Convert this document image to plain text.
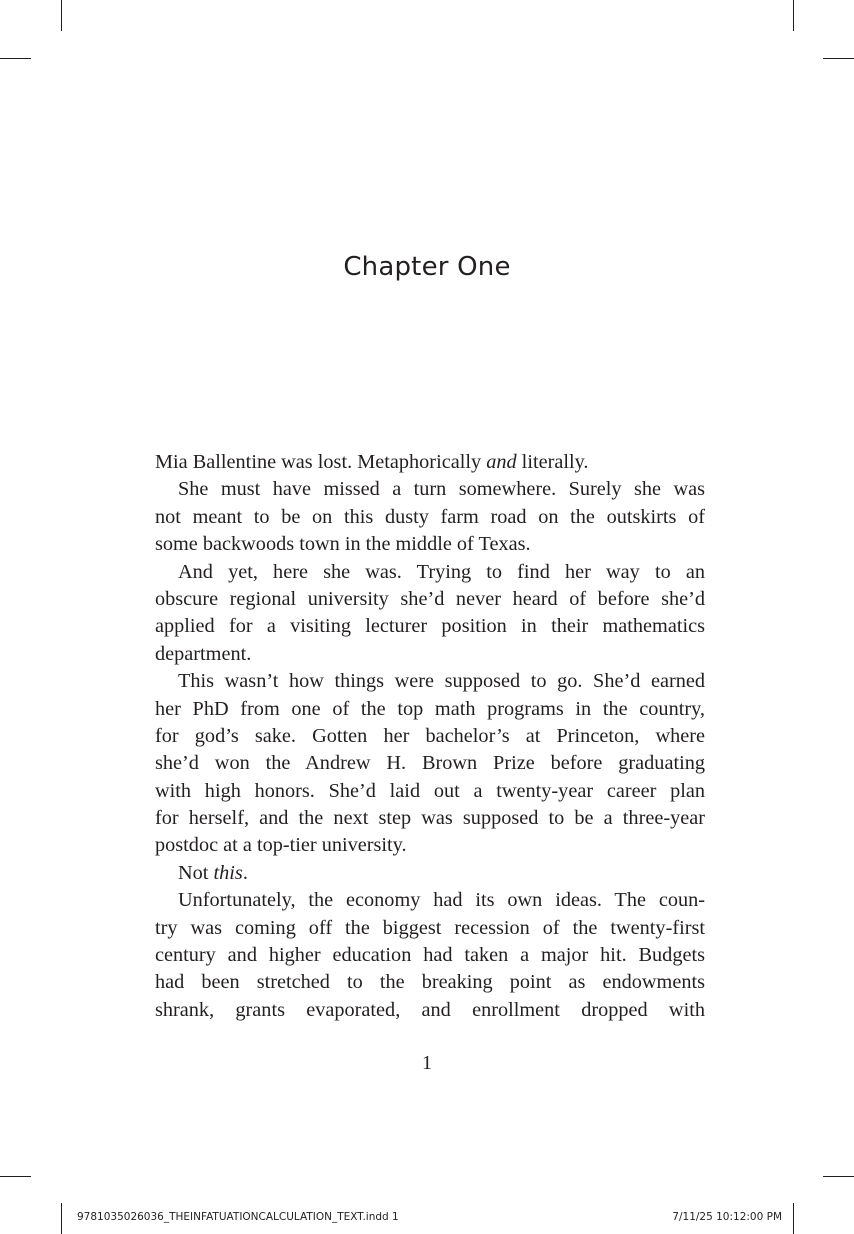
Chapter One
Mia Ballentine was lost. Metaphorically and literally.
She must have missed a turn somewhere. Surely she was
not meant to be on this dusty farm road on the outskirts of
some backwoods town in the middle of Texas.
And yet, here she was. Trying to find her way to an
obscure regional university she’d never heard of before she’d
applied for a visiting lecturer position in their mathematics
department.
This wasn’t how things were supposed to go. She’d earned
her PhD from one of the top math programs in the country,
for god’s sake. Gotten her bachelor’s at Princeton, where
she’d won the Andrew H. Brown Prize before graduating
with high honors. She’d laid out a twenty-year career plan
for herself, and the next step was supposed to be a three-year
postdoc at a top-tier university.
Not this.
Unfortunately, the economy had its own ideas. The coun-
try was coming off the biggest recession of the twenty-first
century and higher education had taken a major hit. Budgets
had been stretched to the breaking point as endowments
shrank, grants evaporated, and enrollment dropped with
1
9781035026036_THEINFATUATIONCALCULATION_TEXT.indd 1	7/11/25 10:12:00 PM
